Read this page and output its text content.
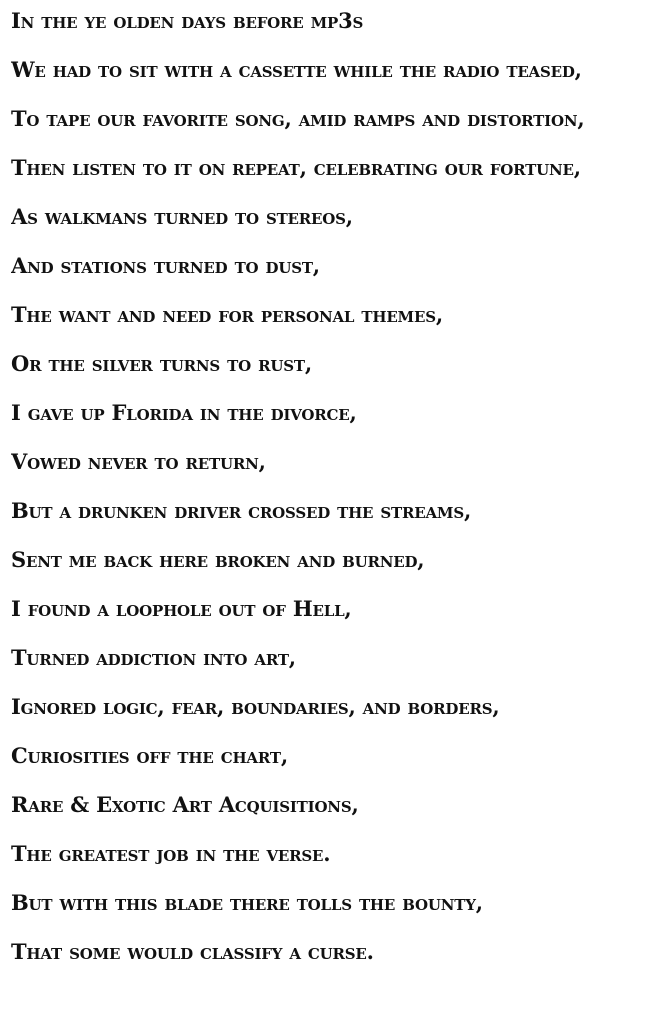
In the ye olden days before mp3s
We had to sit with a cassette while the radio teased,
To tape our favorite song, amid ramps and distortion,
Then listen to it on repeat, celebrating our fortune,
As walkmans turned to stereos,
And stations turned to dust,
The want and need for personal themes,
Or the silver turns to rust,
I gave up Florida in the divorce,
Vowed never to return,
But a drunken driver crossed the streams,
Sent me back here broken and burned,
I found a loophole out of Hell,
Turned addiction into art,
Ignored logic, fear, boundaries, and borders,
Curiosities off the chart,
Rare & Exotic Art Acquisitions,
The greatest job in the verse.
But with this blade there tolls the bounty,
That some would classify a curse.
